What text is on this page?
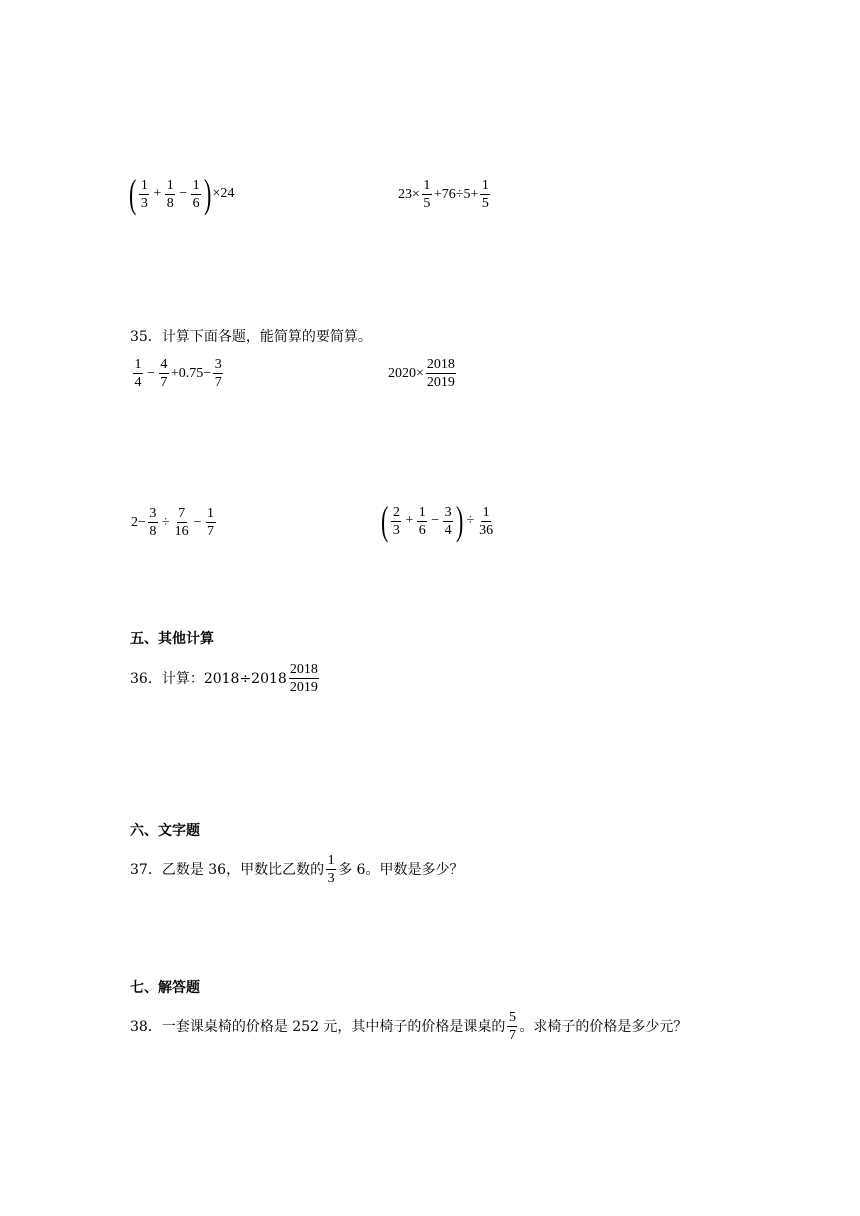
( $\frac{1}{3} + \frac{1}{8} - \frac{1}{6}$ ) ×24	$23\times \frac{1}{5} +76\div 5+ \frac{1}{5}$
35．计算下面各题，能简算的要简算。
$\frac{1}{4} - \frac{4}{7} +0.75- \frac{3}{7}$	$2020\times \frac{2018}{2019}$
$2- \frac{3}{8} \div \frac{7}{16} - \frac{1}{7}$	( $\frac{2}{3} + \frac{1}{6} - \frac{3}{4}$ ) ÷ $\frac{1}{36}$
五、其他计算
36．计算：$2018\div 2018 \frac{2018}{2019}$
六、文字题
37．乙数是 36，甲数比乙数的 $\frac{1}{3}$ 多 6。甲数是多少？
七、解答题
38．一套课桌椅的价格是 252 元，其中椅子的价格是课桌的 $\frac{5}{7}$ 。求椅子的价格是多少元？
